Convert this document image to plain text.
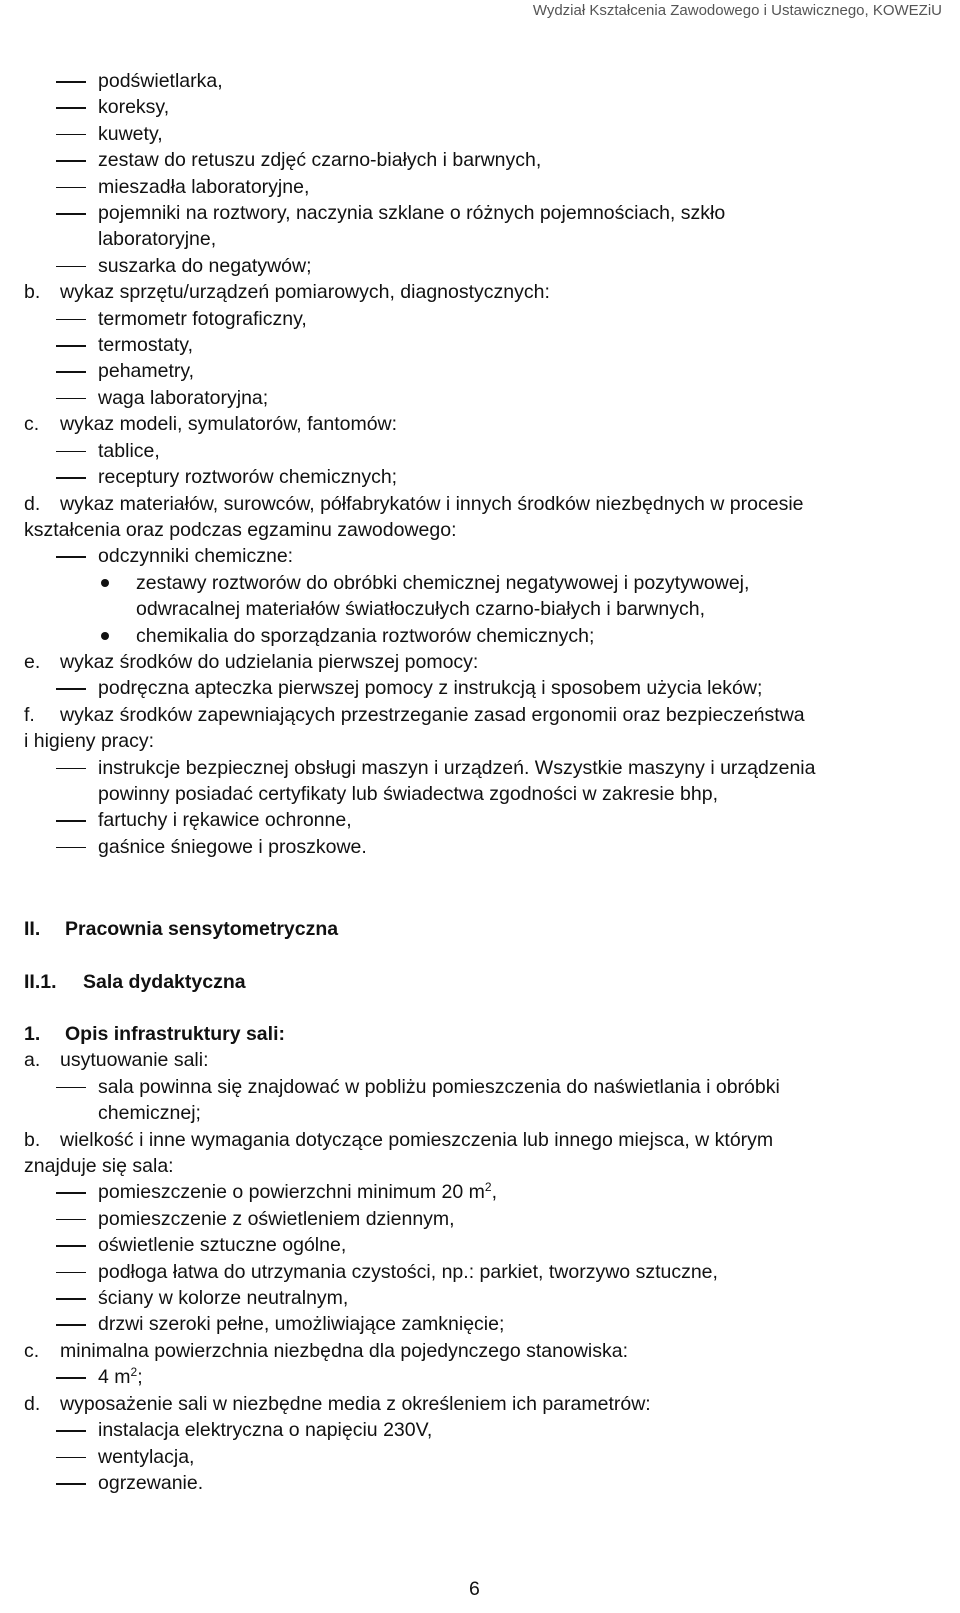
Wydział Kształcenia Zawodowego i Ustawicznego, KOWEZiU
podświetlarka,
koreksy,
kuwety,
zestaw do retuszu zdjęć czarno-białych i barwnych,
mieszadła laboratoryjne,
pojemniki na roztwory, naczynia szklane o różnych pojemnościach, szkło
laboratoryjne,
suszarka do negatywów;
b. wykaz sprzętu/urządzeń pomiarowych, diagnostycznych:
termometr fotograficzny,
termostaty,
pehametry,
waga laboratoryjna;
c. wykaz modeli, symulatorów, fantomów:
tablice,
receptury roztworów chemicznych;
d. wykaz materiałów, surowców, półfabrykatów i innych środków niezbędnych w procesie
kształcenia oraz podczas egzaminu zawodowego:
odczynniki chemiczne:
zestawy roztworów do obróbki chemicznej negatywowej i pozytywowej,
odwracalnej materiałów światłoczułych czarno-białych i barwnych,
chemikalia do sporządzania roztworów chemicznych;
e. wykaz środków do udzielania pierwszej pomocy:
podręczna apteczka pierwszej pomocy z instrukcją i sposobem użycia leków;
f. wykaz środków zapewniających przestrzeganie zasad ergonomii oraz bezpieczeństwa
i higieny pracy:
instrukcje bezpiecznej obsługi maszyn i urządzeń. Wszystkie maszyny i urządzenia
powinny posiadać certyfikaty lub świadectwa zgodności w zakresie bhp,
fartuchy i rękawice ochronne,
gaśnice śniegowe i proszkowe.
II. Pracownia sensytometryczna
II.1. Sala dydaktyczna
1. Opis infrastruktury sali:
a. usytuowanie sali:
sala powinna się znajdować w pobliżu pomieszczenia do naświetlania i obróbki
chemicznej;
b. wielkość i inne wymagania dotyczące pomieszczenia lub innego miejsca, w którym
znajduje się sala:
pomieszczenie o powierzchni minimum 20 $m^2$,
pomieszczenie z oświetleniem dziennym,
oświetlenie sztuczne ogólne,
podłoga łatwa do utrzymania czystości, np.: parkiet, tworzywo sztuczne,
ściany w kolorze neutralnym,
drzwi szeroki pełne, umożliwiające zamknięcie;
c. minimalna powierzchnia niezbędna dla pojedynczego stanowiska:
4 $m^2$;
d. wyposażenie sali w niezbędne media z określeniem ich parametrów:
instalacja elektryczna o napięciu 230V,
wentylacja,
ogrzewanie.
6
